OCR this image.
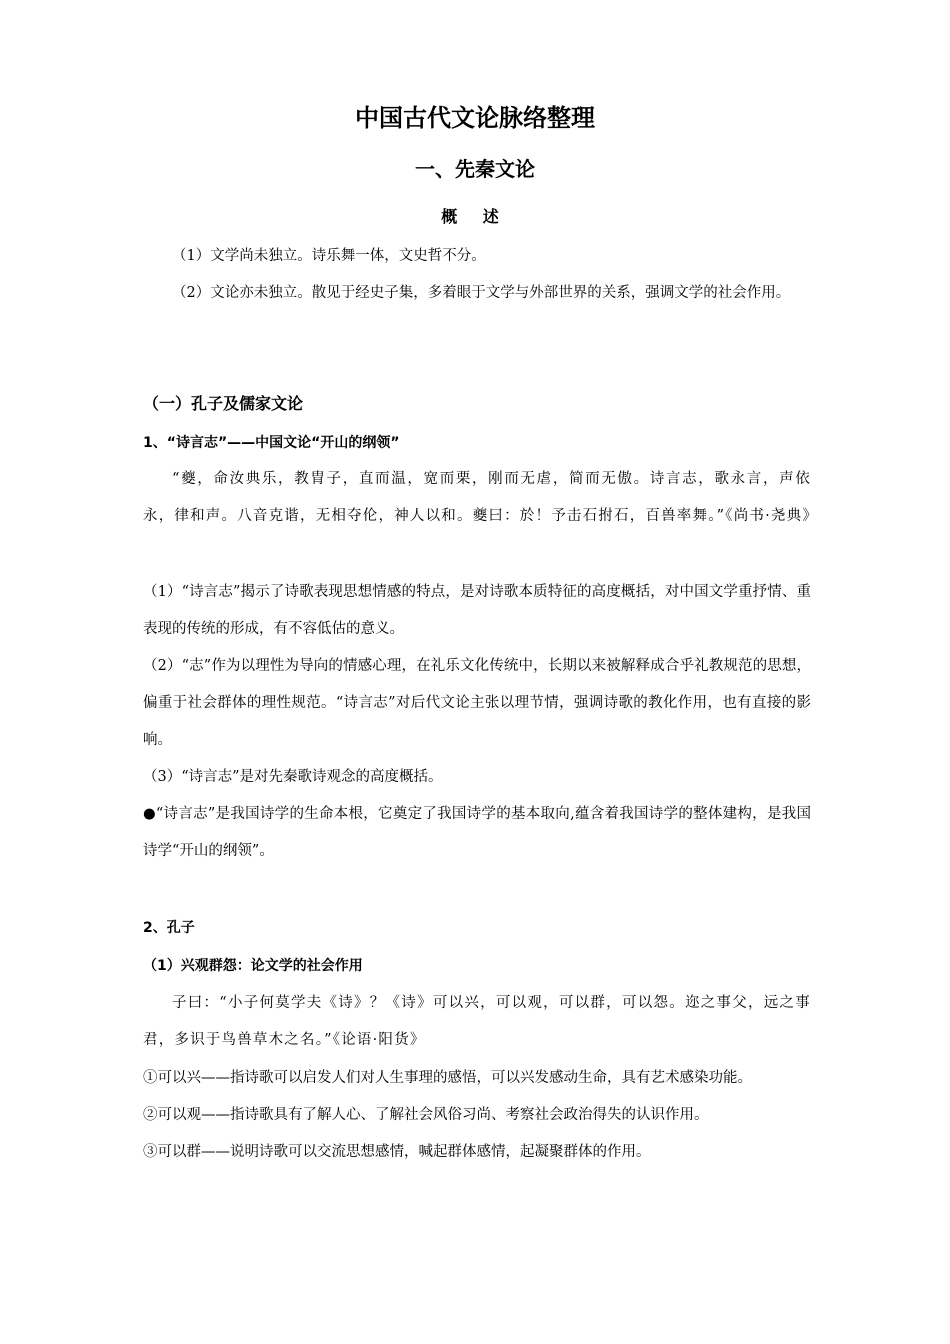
中国古代文论脉络整理
一、先秦文论
概 述

（1）文学尚未独立。诗乐舞一体，文史哲不分。

（2）文论亦未独立。散见于经史子集，多着眼于文学与外部世界的关系，强调文学的社会作用。

（一）孔子及儒家文论

1、“诗言志”——中国文论“开山的纲领”

“夔，命汝典乐，教胄子，直而温，宽而栗，刚而无虐，简而无傲。诗言志，歌永言，声依永，律和声。八音克谐，无相夺伦，神人以和。夔曰：於！予击石拊石，百兽率舞。”《尚书·尧典》

（1）“诗言志”揭示了诗歌表现思想情感的特点，是对诗歌本质特征的高度概括，对中国文学重抒情、重表现的传统的形成，有不容低估的意义。

（2）“志”作为以理性为导向的情感心理，在礼乐文化传统中，长期以来被解释成合乎礼教规范的思想，偏重于社会群体的理性规范。“诗言志”对后代文论主张以理节情，强调诗歌的教化作用，也有直接的影响。

（3）“诗言志”是对先秦歌诗观念的高度概括。

●“诗言志”是我国诗学的生命本根，它奠定了我国诗学的基本取向,蕴含着我国诗学的整体建构，是我国诗学“开山的纲领”。

2、孔子

（1）兴观群怨：论文学的社会作用

子曰：“小子何莫学夫《诗》？《诗》可以兴，可以观，可以群，可以怨。迩之事父，远之事君，多识于鸟兽草木之名。”《论语·阳货》

①可以兴——指诗歌可以启发人们对人生事理的感悟，可以兴发感动生命，具有艺术感染功能。

②可以观——指诗歌具有了解人心、了解社会风俗习尚、考察社会政治得失的认识作用。

③可以群——说明诗歌可以交流思想感情，喊起群体感情，起凝聚群体的作用。
